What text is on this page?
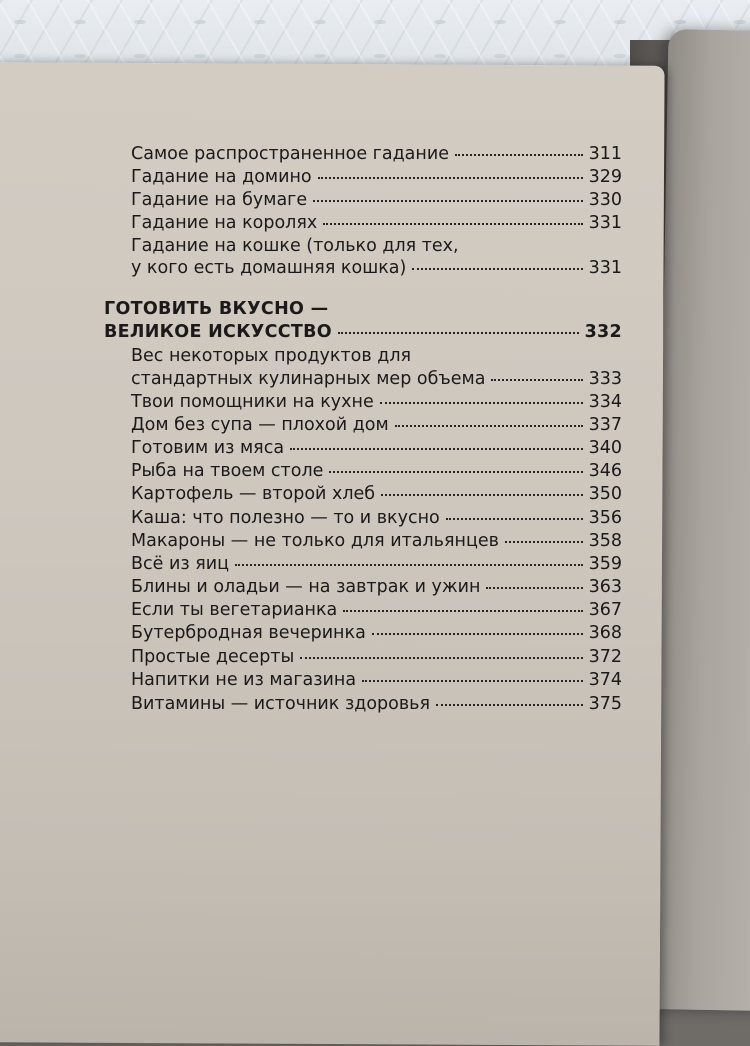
Самое распространенное гадание	311
Гадание на домино	329
Гадание на бумаге	330
Гадание на королях	331
Гадание на кошке (только для тех,
у кого есть домашняя кошка)	331
ГОТОВИТЬ ВКУСНО —
ВЕЛИКОЕ ИСКУССТВО	332
Вес некоторых продуктов для
стандартных кулинарных мер объема	333
Твои помощники на кухне	334
Дом без супа — плохой дом	337
Готовим из мяса	340
Рыба на твоем столе	346
Картофель — второй хлеб	350
Каша: что полезно — то и вкусно	356
Макароны — не только для итальянцев	358
Всё из яиц	359
Блины и оладьи — на завтрак и ужин	363
Если ты вегетарианка	367
Бутербродная вечеринка	368
Простые десерты	372
Напитки не из магазина	374
Витамины — источник здоровья	375
